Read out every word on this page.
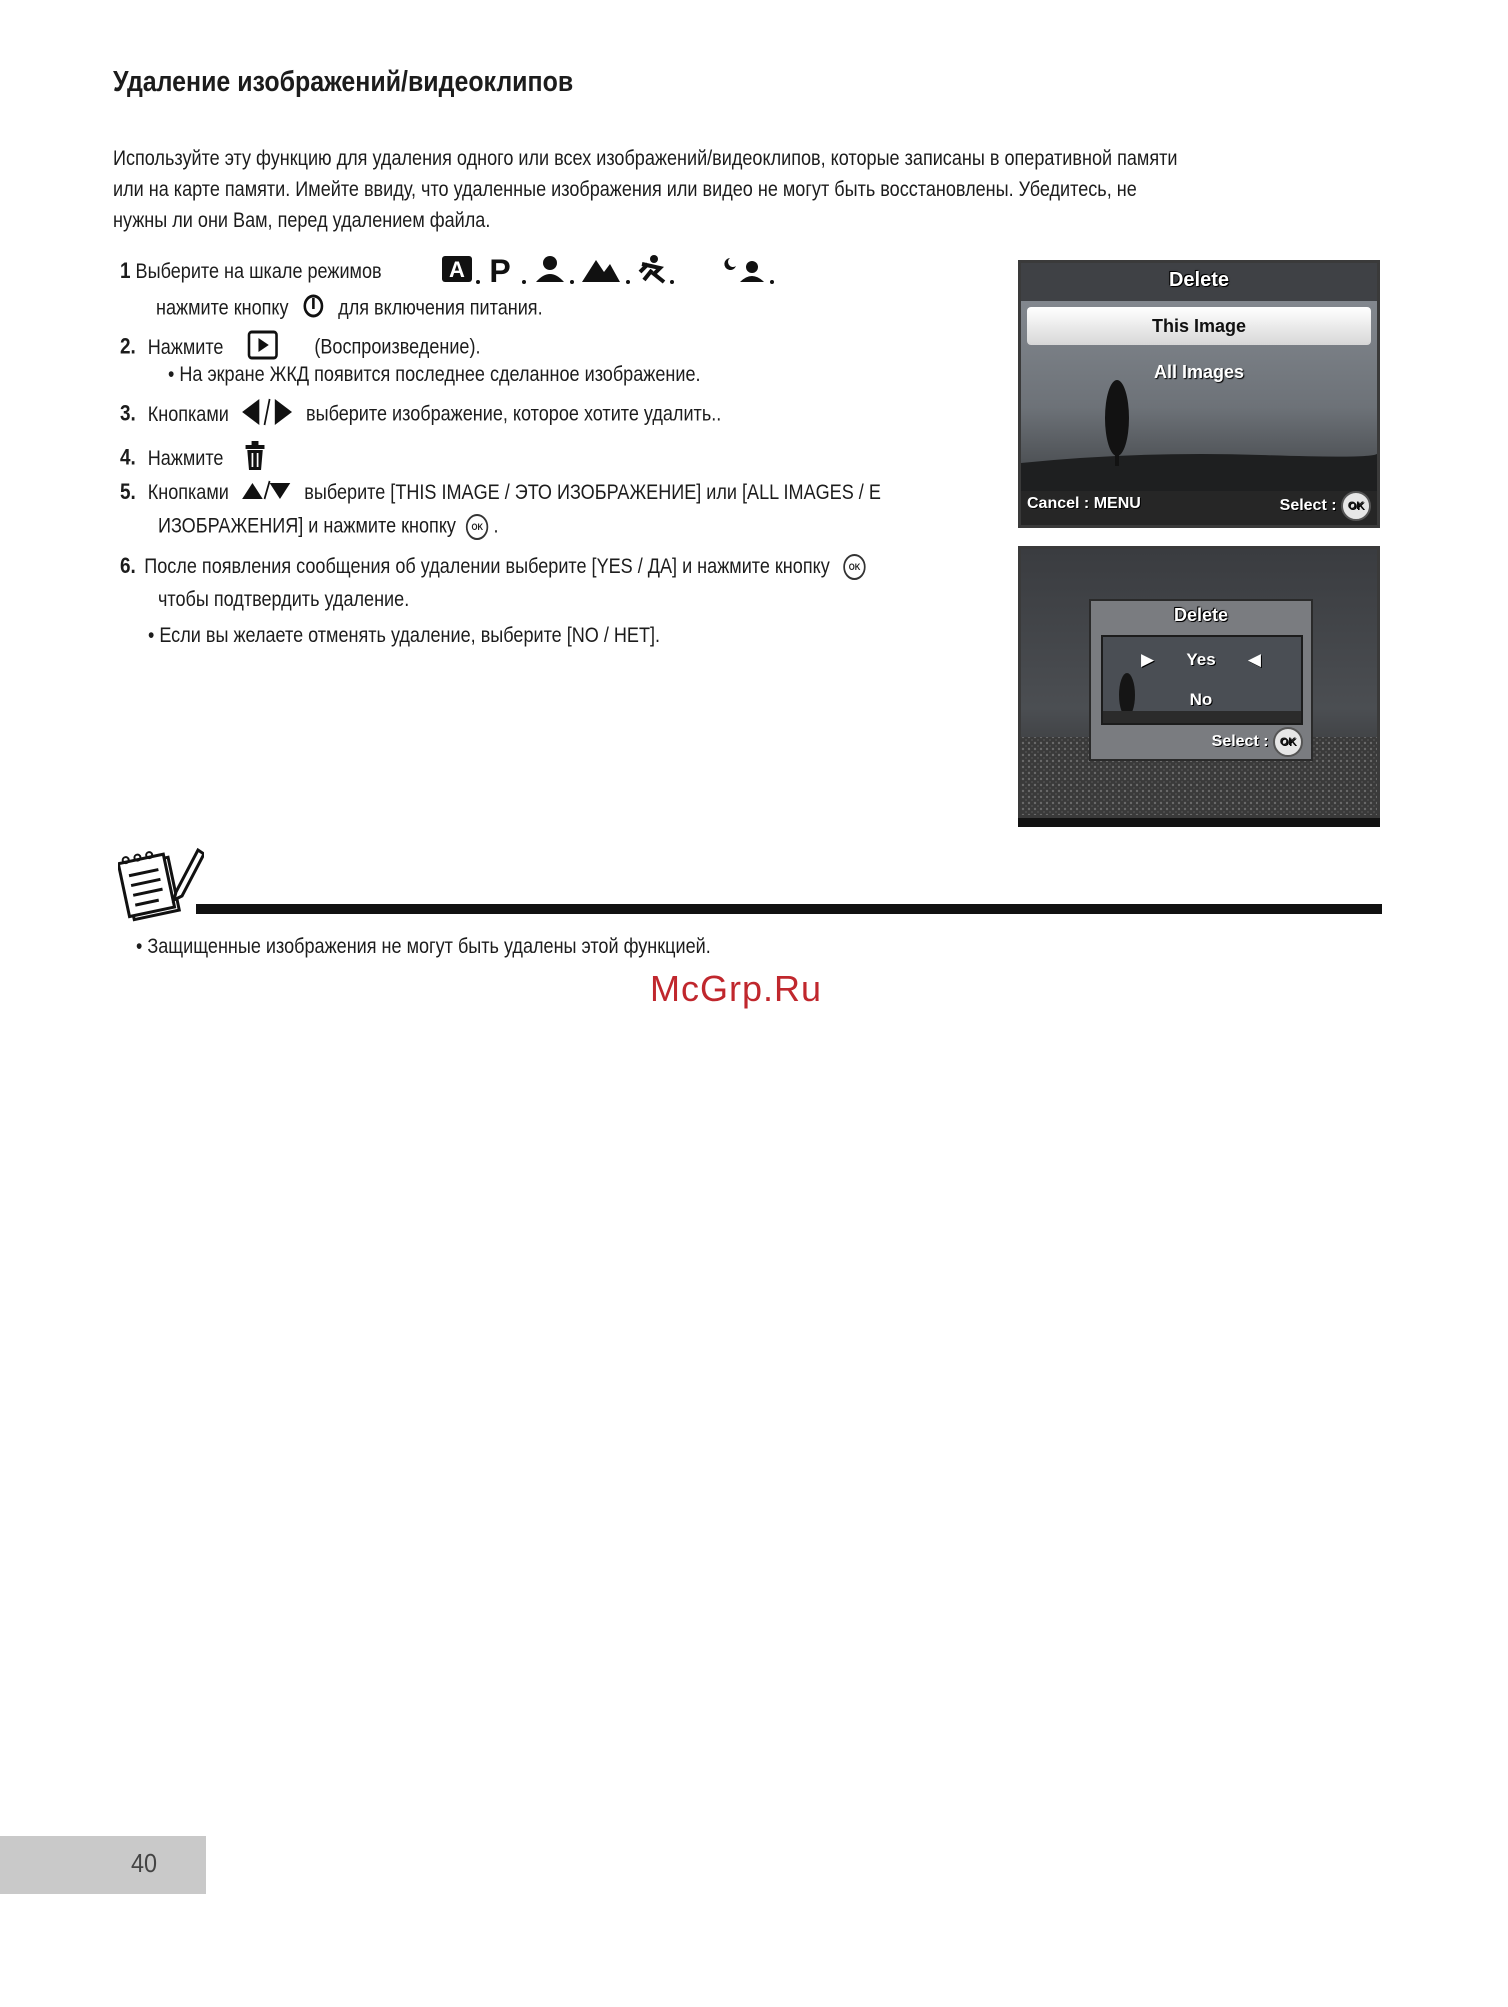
Удаление изображений/видеоклипов
Используйте эту функцию для удаления одного или всех изображений/видеоклипов, которые записаны в оперативной памяти
или на карте памяти. Имейте ввиду, что удаленные изображения или видео не могут быть восстановлены. Убедитесь, не
нужны ли они Вам, перед удалением файла.
1 Выберите на шкале режимов	A P
нажмите кнопку для включения питания.
2. Нажмите	(Воспроизведение).
• На экране ЖКД появится последнее сделанное изображение.
3. Кнопками	выберите изображение, которое хотите удалить..
4. Нажмите
5. Кнопками	выберите [THIS IMAGE / ЭТО ИЗОБРАЖЕНИЕ] или [ALL IMAGES / E
ИЗОБРАЖЕНИЯ] и нажмите кнопку OK .
6. После появления сообщения об удалении выберите [YES / ДА] и нажмите кнопку OK
чтобы подтвердить удаление.
• Если вы желаете отменять удаление, выберите [NO / HET].
Delete
This Image
All Images
Cancel : MENU	Select : OK
Delete
▶ Yes ◀
No
Select : OK
• Защищенные изображения не могут быть удалены этой функцией.
McGrp.Ru
40
